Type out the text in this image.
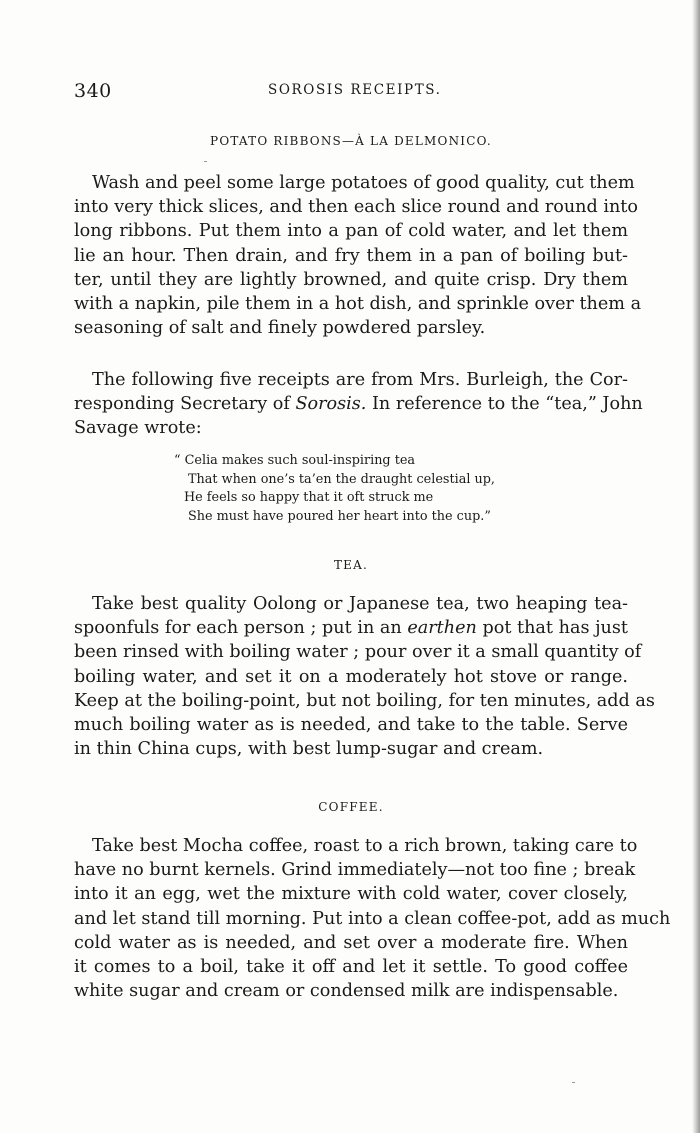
340	SOROSIS RECEIPTS.
POTATO RIBBONS—À LA DELMONICO.
Wash and peel some large potatoes of good quality, cut them
into very thick slices, and then each slice round and round into
long ribbons. Put them into a pan of cold water, and let them
lie an hour. Then drain, and fry them in a pan of boiling but-
ter, until they are lightly browned, and quite crisp. Dry them
with a napkin, pile them in a hot dish, and sprinkle over them a
seasoning of salt and finely powdered parsley.
The following five receipts are from Mrs. Burleigh, the Cor-
responding Secretary of Sorosis. In reference to the “tea,” John
Savage wrote:
“ Celia makes such soul-inspiring tea
That when one’s ta’en the draught celestial up,
He feels so happy that it oft struck me
She must have poured her heart into the cup.”
TEA.
Take best quality Oolong or Japanese tea, two heaping tea-
spoonfuls for each person ; put in an earthen pot that has just
been rinsed with boiling water ; pour over it a small quantity of
boiling water, and set it on a moderately hot stove or range.
Keep at the boiling-point, but not boiling, for ten minutes, add as
much boiling water as is needed, and take to the table. Serve
in thin China cups, with best lump-sugar and cream.
COFFEE.
Take best Mocha coffee, roast to a rich brown, taking care to
have no burnt kernels. Grind immediately—not too fine ; break
into it an egg, wet the mixture with cold water, cover closely,
and let stand till morning. Put into a clean coffee-pot, add as much
cold water as is needed, and set over a moderate fire. When
it comes to a boil, take it off and let it settle. To good coffee
white sugar and cream or condensed milk are indispensable.
